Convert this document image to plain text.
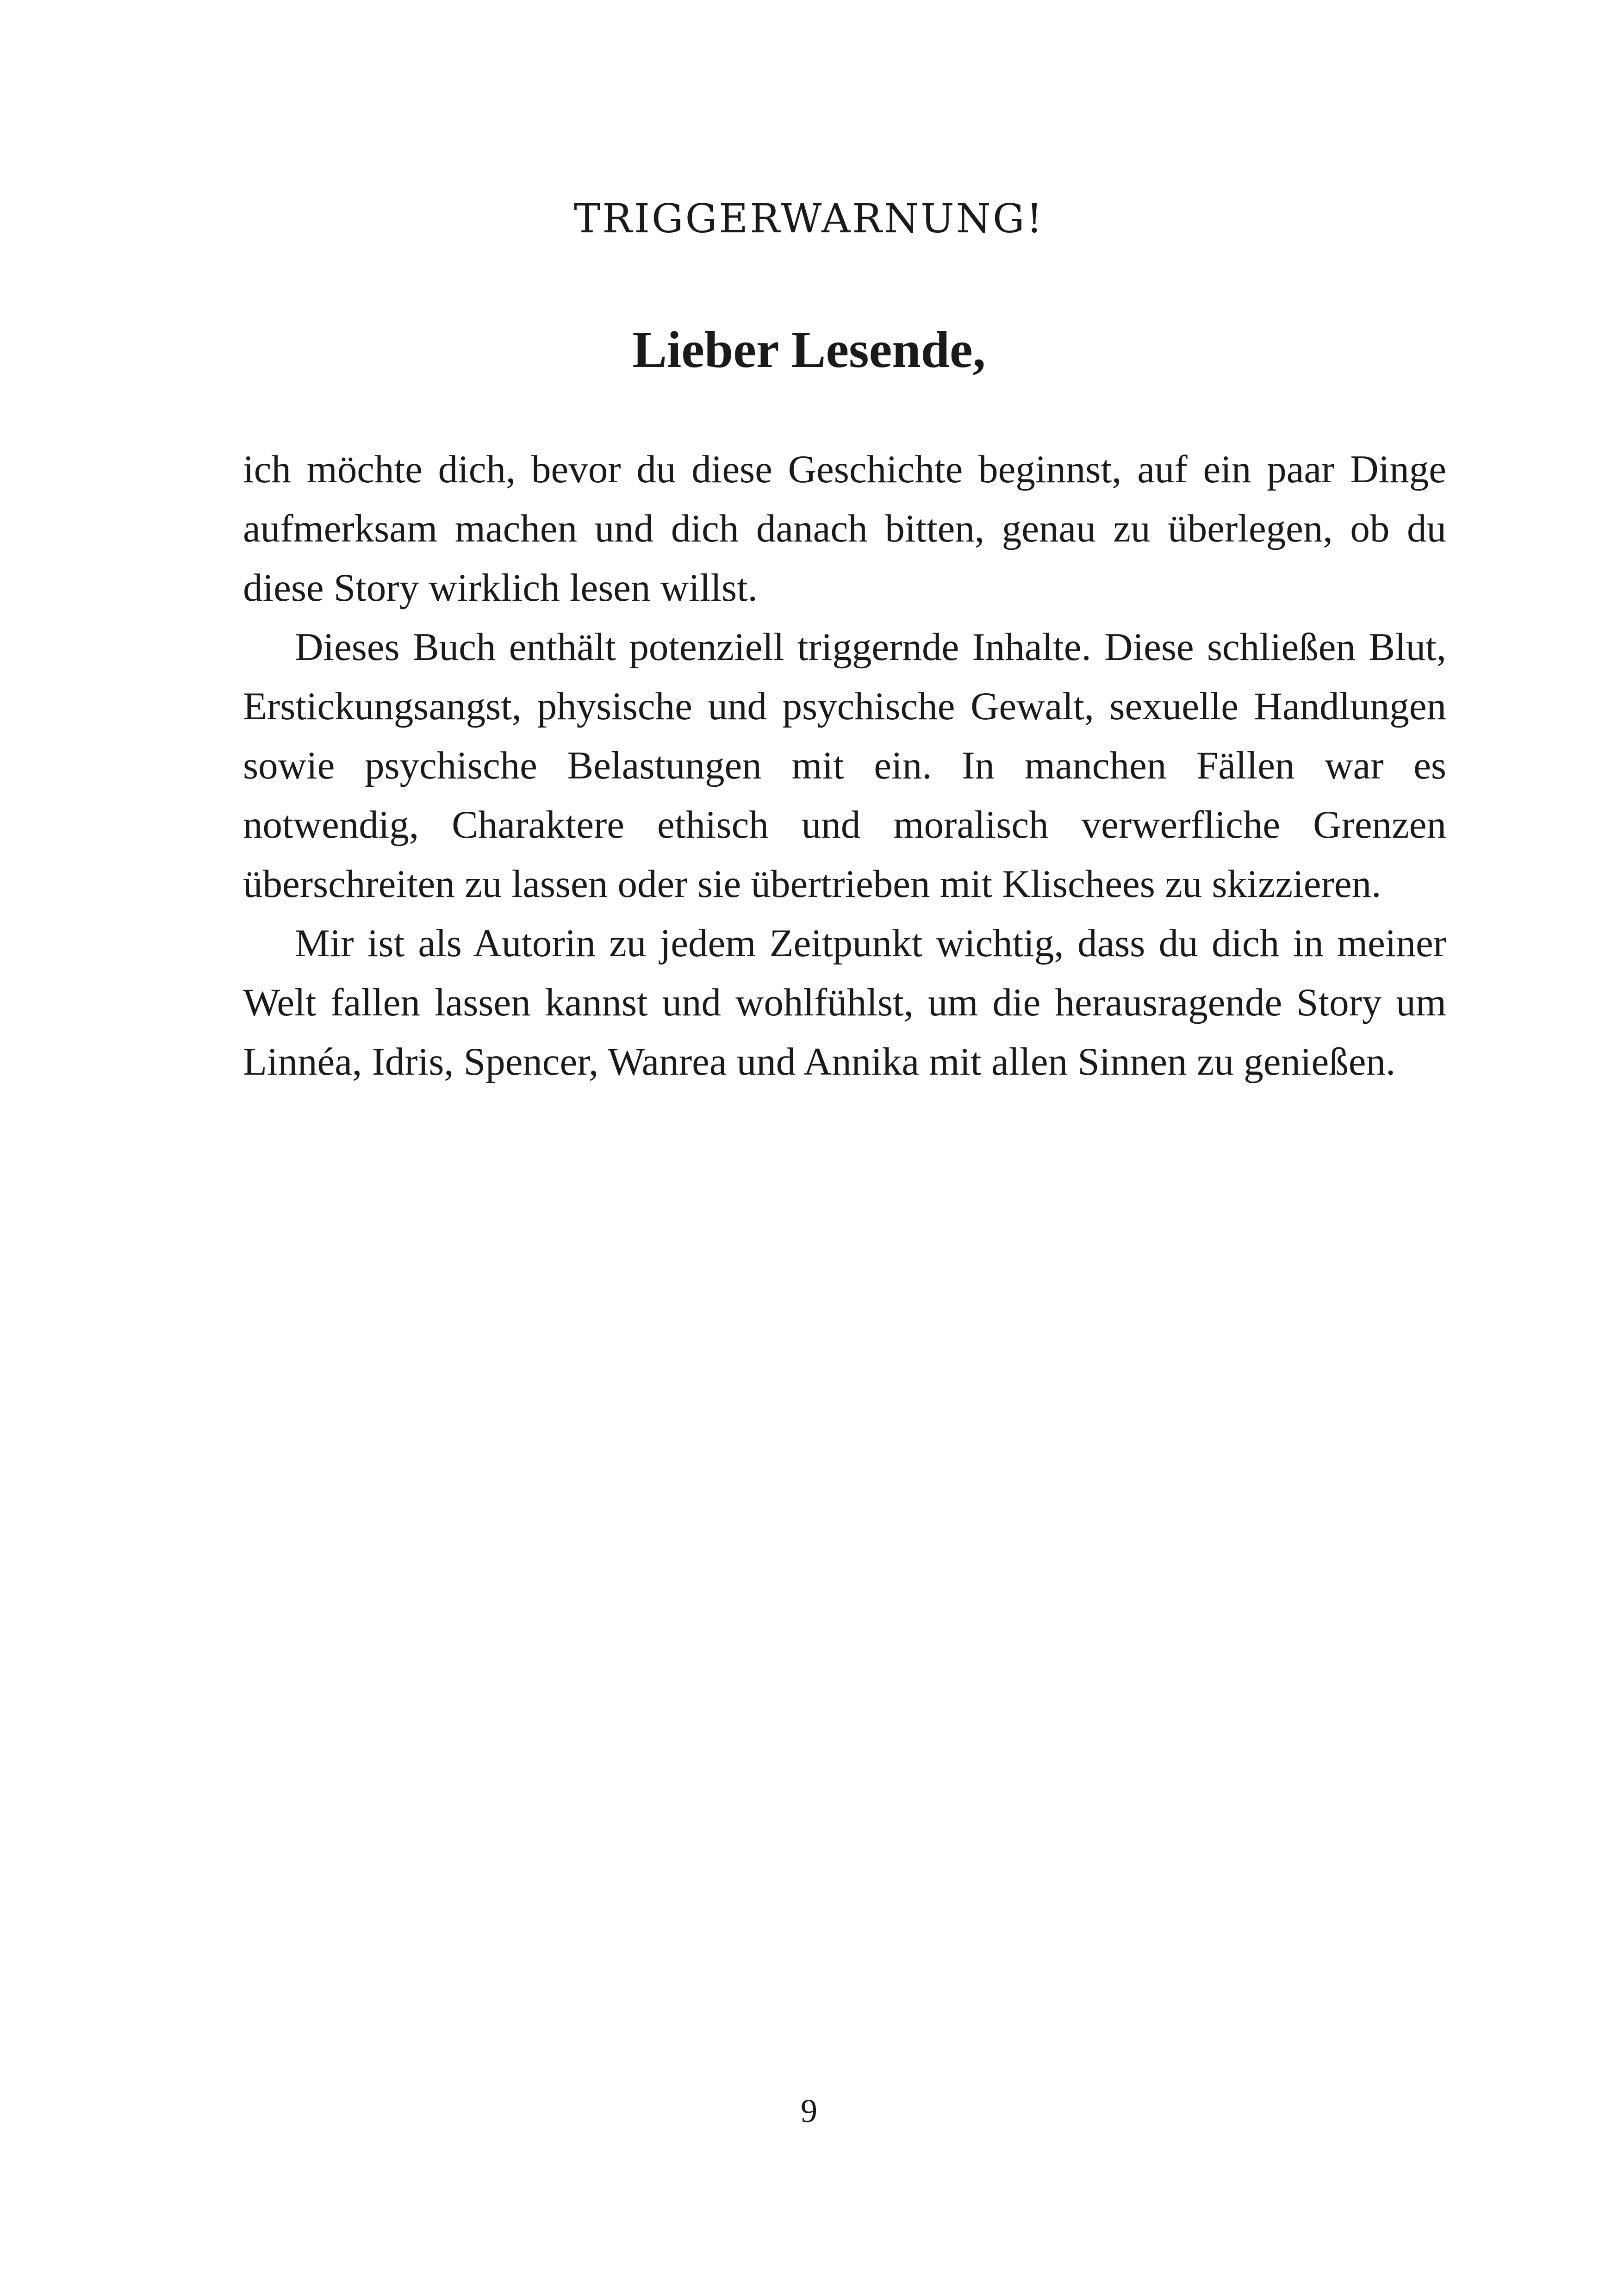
TRIGGERWARNUNG!
Lieber Lesende,

ich möchte dich, bevor du diese Geschichte beginnst, auf ein paar Dinge aufmerksam machen und dich danach bitten, genau zu überlegen, ob du diese Story wirklich lesen willst.

Dieses Buch enthält potenziell triggernde Inhalte. Diese schließen Blut, Erstickungsangst, physische und psychische Gewalt, sexuelle Handlungen sowie psychische Belastungen mit ein. In manchen Fällen war es notwendig, Charaktere ethisch und moralisch verwerfliche Grenzen überschreiten zu lassen oder sie übertrieben mit Klischees zu skizzieren.

Mir ist als Autorin zu jedem Zeitpunkt wichtig, dass du dich in meiner Welt fallen lassen kannst und wohlfühlst, um die herausragende Story um Linnéa, Idris, Spencer, Wanrea und Annika mit allen Sinnen zu genießen.

9
